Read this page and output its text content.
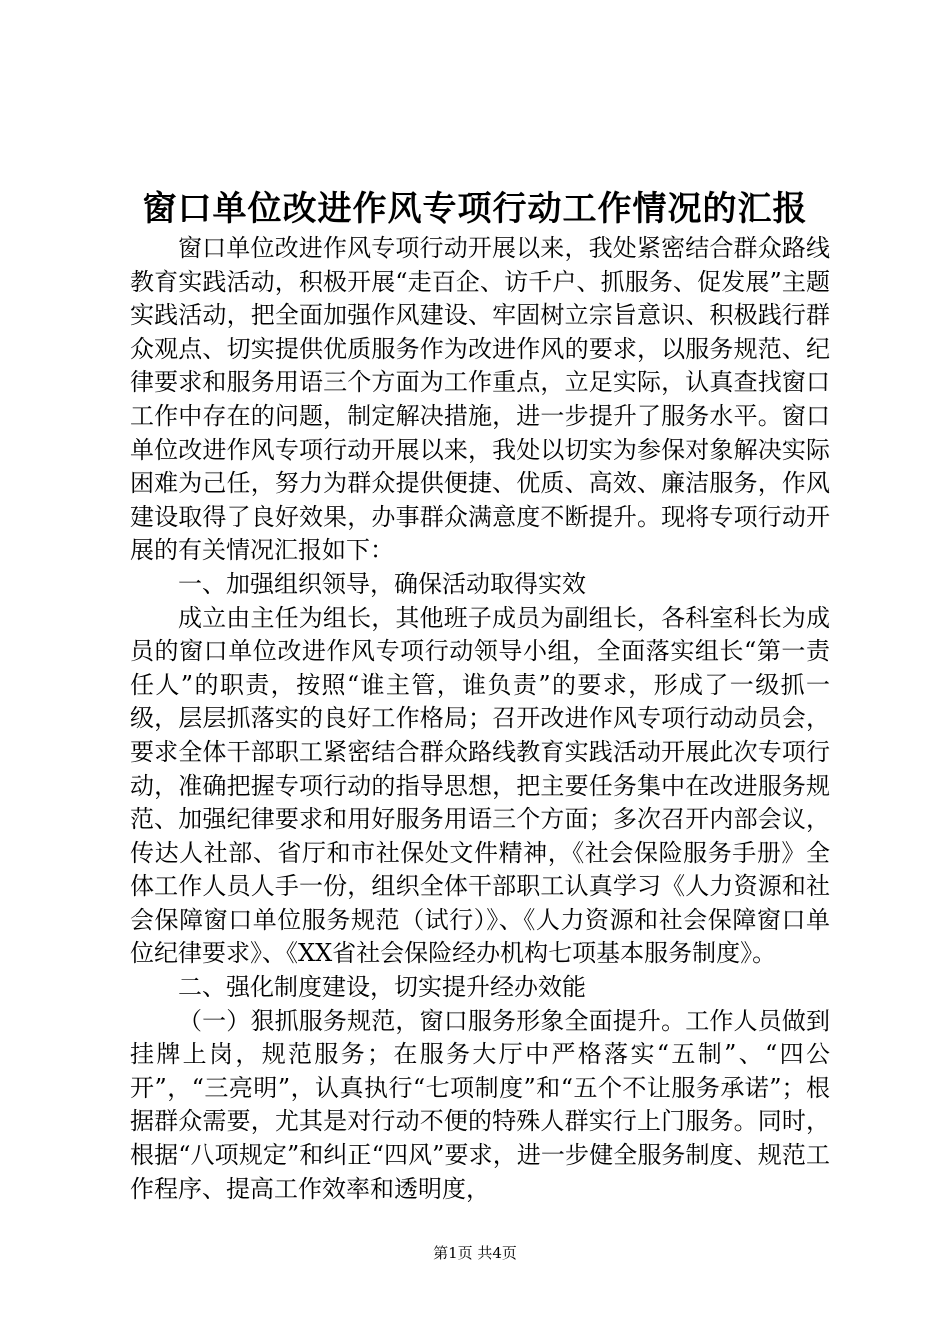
窗口单位改进作风专项行动工作情况的汇报

窗口单位改进作风专项行动开展以来，我处紧密结合群众路线教育实践活动，积极开展“走百企、访千户、抓服务、促发展”主题实践活动，把全面加强作风建设、牢固树立宗旨意识、积极践行群众观点、切实提供优质服务作为改进作风的要求，以服务规范、纪律要求和服务用语三个方面为工作重点，立足实际，认真查找窗口工作中存在的问题，制定解决措施，进一步提升了服务水平。窗口单位改进作风专项行动开展以来，我处以切实为参保对象解决实际困难为己任，努力为群众提供便捷、优质、高效、廉洁服务，作风建设取得了良好效果，办事群众满意度不断提升。现将专项行动开展的有关情况汇报如下：

一、加强组织领导，确保活动取得实效

成立由主任为组长，其他班子成员为副组长，各科室科长为成员的窗口单位改进作风专项行动领导小组，全面落实组长“第一责任人”的职责，按照“谁主管，谁负责”的要求，形成了一级抓一级，层层抓落实的良好工作格局；召开改进作风专项行动动员会，要求全体干部职工紧密结合群众路线教育实践活动开展此次专项行动，准确把握专项行动的指导思想，把主要任务集中在改进服务规范、加强纪律要求和用好服务用语三个方面；多次召开内部会议，传达人社部、省厅和市社保处文件精神，《社会保险服务手册》全体工作人员人手一份，组织全体干部职工认真学习《人力资源和社会保障窗口单位服务规范（试行）》、《人力资源和社会保障窗口单位纪律要求》、《XX省社会保险经办机构七项基本服务制度》。

二、强化制度建设，切实提升经办效能

（一）狠抓服务规范，窗口服务形象全面提升。工作人员做到挂牌上岗，规范服务；在服务大厅中严格落实“五制”、“四公开”，“三亮明”，认真执行“七项制度”和“五个不让服务承诺”；根据群众需要，尤其是对行动不便的特殊人群实行上门服务。同时，根据“八项规定”和纠正“四风”要求，进一步健全服务制度、规范工作程序、提高工作效率和透明度，

第1页 共4页
